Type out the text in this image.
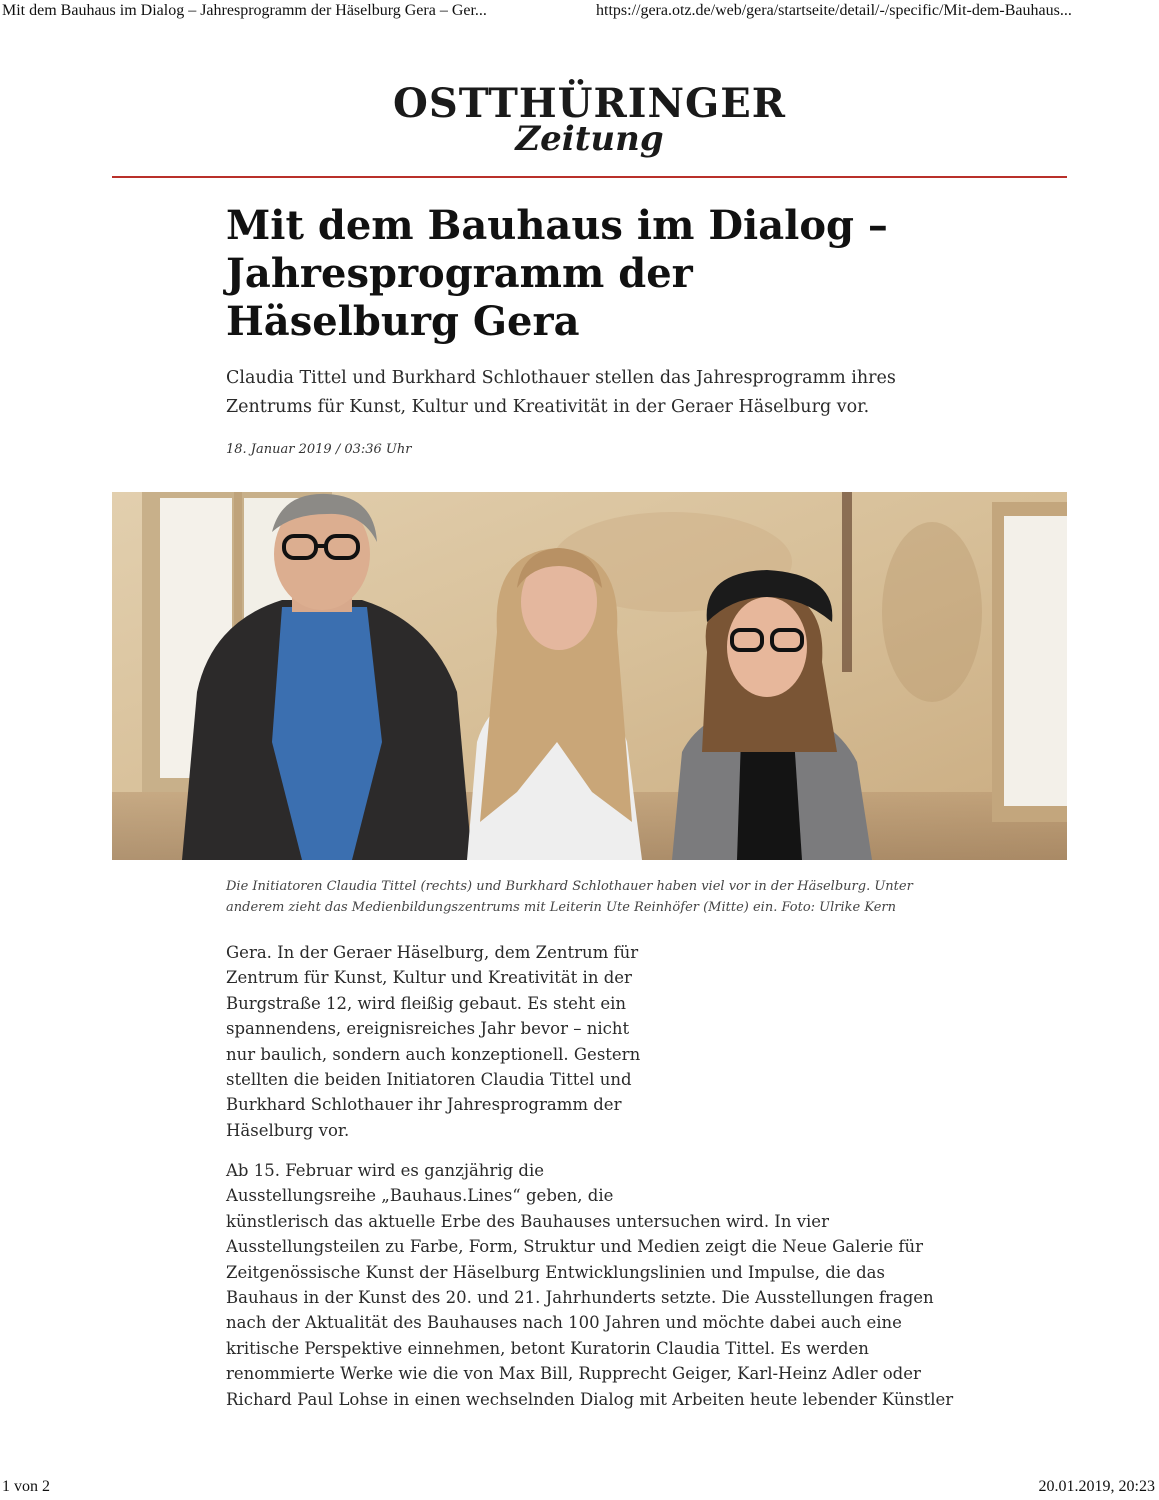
Mit dem Bauhaus im Dialog – Jahresprogramm der Häselburg Gera – Ger...	https://gera.otz.de/web/gera/startseite/detail/-/specific/Mit-dem-Bauhaus...
OSTTHÜRINGER
Zeitung
Mit dem Bauhaus im Dialog – Jahresprogramm der Häselburg Gera

Claudia Tittel und Burkhard Schlothauer stellen das Jahresprogramm ihres Zentrums für Kunst, Kultur und Kreativität in der Geraer Häselburg vor.

18. Januar 2019 / 03:36 Uhr
Die Initiatoren Claudia Tittel (rechts) und Burkhard Schlothauer haben viel vor in der Häselburg. Unter anderem zieht das Medienbildungszentrums mit Leiterin Ute Reinhöfer (Mitte) ein. Foto: Ulrike Kern

Gera. In der Geraer Häselburg, dem Zentrum für Zentrum für Kunst, Kultur und Kreativität in der Burgstraße 12, wird fleißig gebaut. Es steht ein spannendens, ereignisreiches Jahr bevor – nicht nur baulich, sondern auch konzeptionell. Gestern stellten die beiden Initiatoren Claudia Tittel und Burkhard Schlothauer ihr Jahresprogramm der Häselburg vor.

Ab 15. Februar wird es ganzjährig die
Ausstellungsreihe „Bauhaus.Lines“ geben, die
künstlerisch das aktuelle Erbe des Bauhauses untersuchen wird. In vier
Ausstellungsteilen zu Farbe, Form, Struktur und Medien zeigt die Neue Galerie für
Zeitgenössische Kunst der Häselburg Entwicklungslinien und Impulse, die das
Bauhaus in der Kunst des 20. und 21. Jahrhunderts setzte. Die Ausstellungen fragen
nach der Aktualität des Bauhauses nach 100 Jahren und möchte dabei auch eine
kritische Perspektive einnehmen, betont Kuratorin Claudia Tittel. Es werden
renommierte Werke wie die von Max Bill, Rupprecht Geiger, Karl-Heinz Adler oder
Richard Paul Lohse in einen wechselnden Dialog mit Arbeiten heute lebender Künstler

1 von 2	20.01.2019, 20:23
